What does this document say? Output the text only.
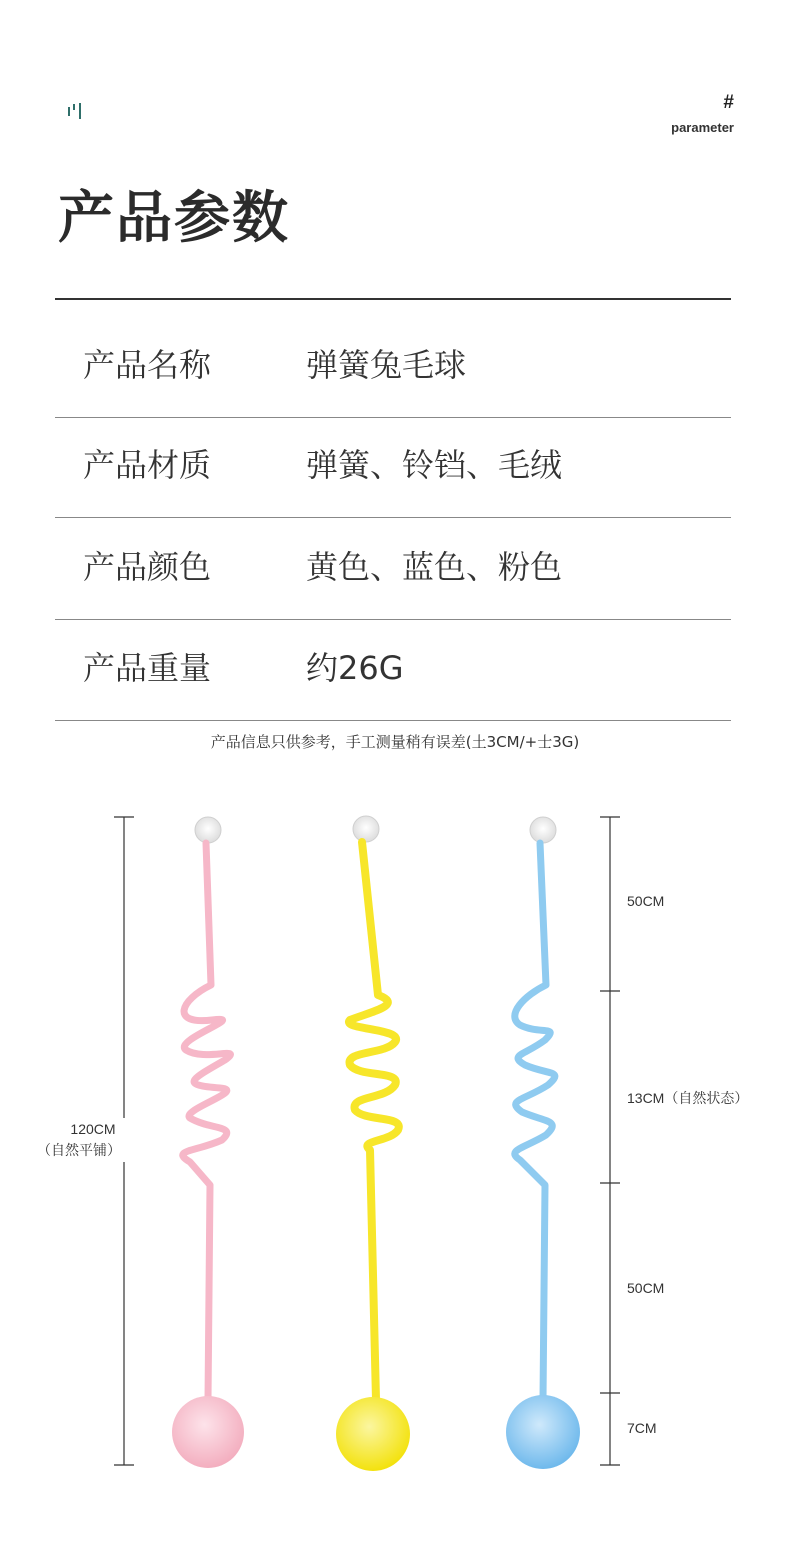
#
parameter
产品参数
产品名称	弹簧兔毛球
产品材质	弹簧、铃铛、毛绒
产品颜色	黄色、蓝色、粉色
产品重量	约26G
产品信息只供参考，手工测量稍有误差(土3CM/+士3G)
120CM
（自然平铺）
50CM
13CM（自然状态）
50CM
7CM
